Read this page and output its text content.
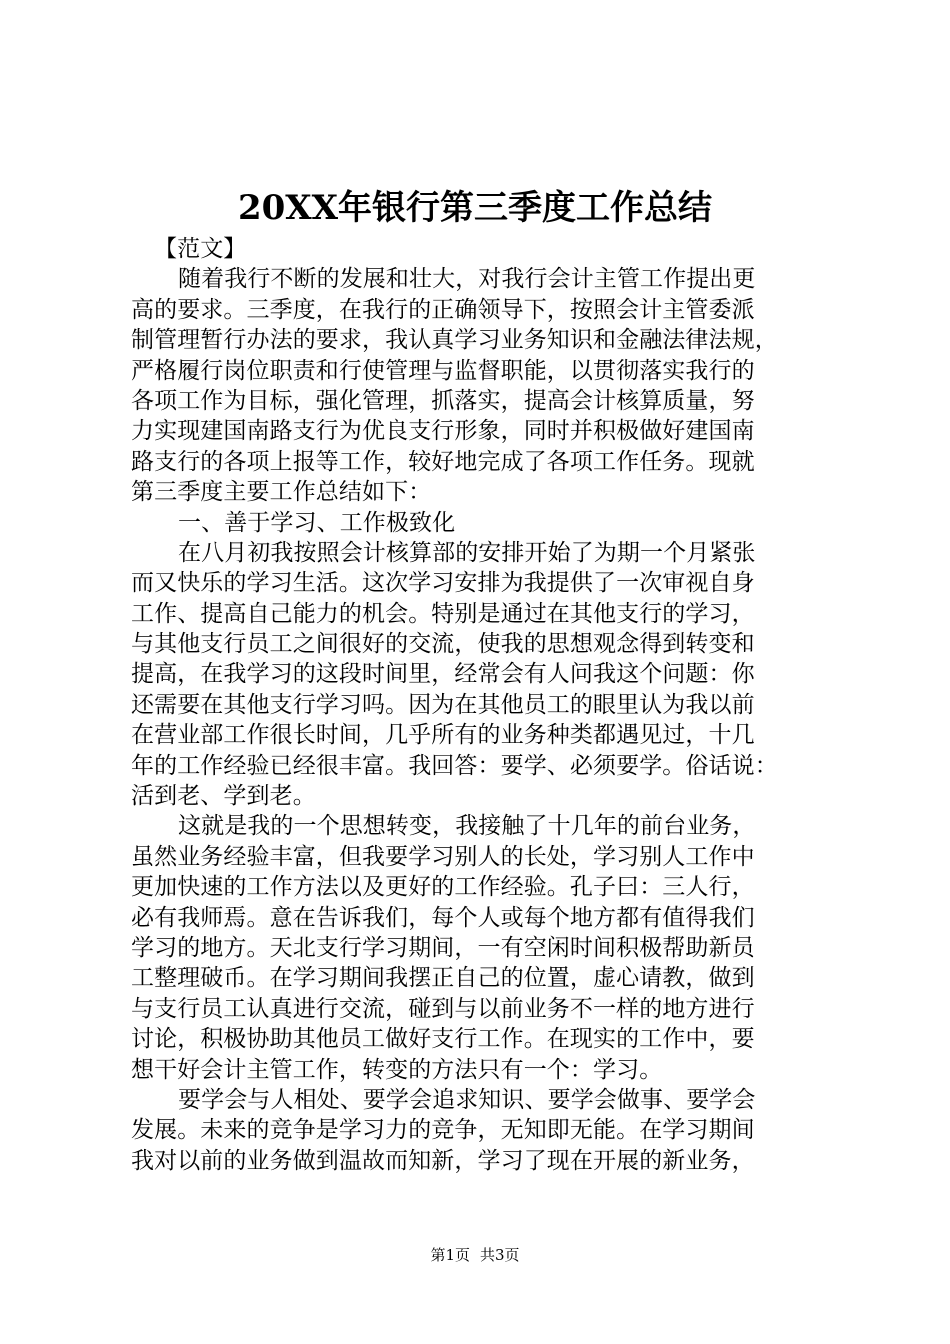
20XX年银行第三季度工作总结
【范文】
随着我行不断的发展和壮大，对我行会计主管工作提出更
高的要求。三季度，在我行的正确领导下，按照会计主管委派
制管理暂行办法的要求，我认真学习业务知识和金融法律法规，
严格履行岗位职责和行使管理与监督职能，以贯彻落实我行的
各项工作为目标，强化管理，抓落实，提高会计核算质量，努
力实现建国南路支行为优良支行形象，同时并积极做好建国南
路支行的各项上报等工作，较好地完成了各项工作任务。现就
第三季度主要工作总结如下：
一、善于学习、工作极致化
在八月初我按照会计核算部的安排开始了为期一个月紧张
而又快乐的学习生活。这次学习安排为我提供了一次审视自身
工作、提高自己能力的机会。特别是通过在其他支行的学习，
与其他支行员工之间很好的交流，使我的思想观念得到转变和
提高，在我学习的这段时间里，经常会有人问我这个问题：你
还需要在其他支行学习吗。因为在其他员工的眼里认为我以前
在营业部工作很长时间，几乎所有的业务种类都遇见过，十几
年的工作经验已经很丰富。我回答：要学、必须要学。俗话说：
活到老、学到老。
这就是我的一个思想转变，我接触了十几年的前台业务，
虽然业务经验丰富，但我要学习别人的长处，学习别人工作中
更加快速的工作方法以及更好的工作经验。孔子曰：三人行，
必有我师焉。意在告诉我们，每个人或每个地方都有值得我们
学习的地方。天北支行学习期间，一有空闲时间积极帮助新员
工整理破币。在学习期间我摆正自己的位置，虚心请教，做到
与支行员工认真进行交流，碰到与以前业务不一样的地方进行
讨论，积极协助其他员工做好支行工作。在现实的工作中，要
想干好会计主管工作，转变的方法只有一个：学习。
要学会与人相处、要学会追求知识、要学会做事、要学会
发展。未来的竞争是学习力的竞争，无知即无能。在学习期间
我对以前的业务做到温故而知新，学习了现在开展的新业务，
第1页 共3页
